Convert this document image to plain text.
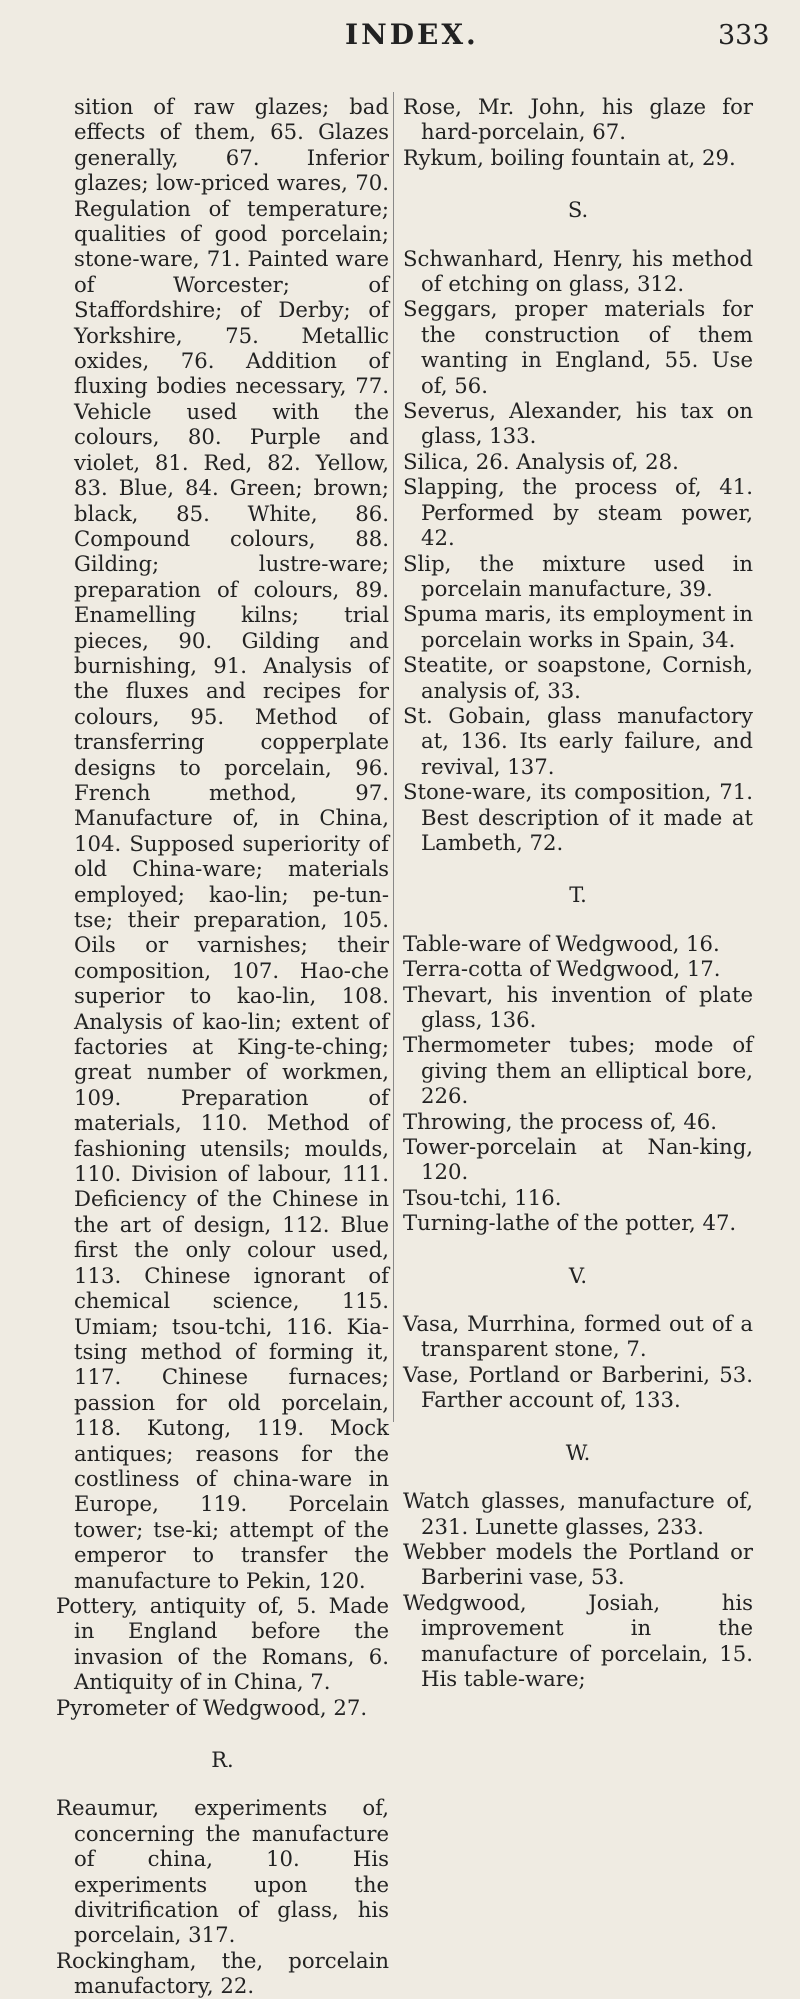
INDEX.	333

sition of raw glazes; bad effects of them, 65. Glazes generally, 67. Inferior glazes; low-priced wares, 70. Regulation of temperature; qualities of good porcelain; stone-ware, 71. Painted ware of Worcester; of Staffordshire; of Derby; of Yorkshire, 75. Metallic oxides, 76. Addition of fluxing bodies necessary, 77. Vehicle used with the colours, 80. Purple and violet, 81. Red, 82. Yellow, 83. Blue, 84. Green; brown; black, 85. White, 86. Compound colours, 88. Gilding; lustre-ware; preparation of colours, 89. Enamelling kilns; trial pieces, 90. Gilding and burnishing, 91. Analysis of the fluxes and recipes for colours, 95. Method of transferring copperplate designs to porcelain, 96. French method, 97. Manufacture of, in China, 104. Supposed superiority of old China-ware; materials employed; kao-lin; pe-tun-tse; their preparation, 105. Oils or varnishes; their composition, 107. Hao-che superior to kao-lin, 108. Analysis of kao-lin; extent of factories at King-te-ching; great number of workmen, 109. Preparation of materials, 110. Method of fashioning utensils; moulds, 110. Division of labour, 111. Deficiency of the Chinese in the art of design, 112. Blue first the only colour used, 113. Chinese ignorant of chemical science, 115. Umiam; tsou-tchi, 116. Kia-tsing method of forming it, 117. Chinese furnaces; passion for old porcelain, 118. Kutong, 119. Mock antiques; reasons for the costliness of china-ware in Europe, 119. Porcelain tower; tse-ki; attempt of the emperor to transfer the manufacture to Pekin, 120.

Pottery, antiquity of, 5. Made in England before the invasion of the Romans, 6. Antiquity of in China, 7.

Pyrometer of Wedgwood, 27.

R.

Reaumur, experiments of, concerning the manufacture of china, 10. His experiments upon the divitrification of glass, his porcelain, 317.

Rockingham, the, porcelain manufactory, 22.

Rose, Mr. John, his glaze for hard-porcelain, 67.

Rykum, boiling fountain at, 29.

S.

Schwanhard, Henry, his method of etching on glass, 312.

Seggars, proper materials for the construction of them wanting in England, 55. Use of, 56.

Severus, Alexander, his tax on glass, 133.

Silica, 26. Analysis of, 28.

Slapping, the process of, 41. Performed by steam power, 42.

Slip, the mixture used in porcelain manufacture, 39.

Spuma maris, its employment in porcelain works in Spain, 34.

Steatite, or soapstone, Cornish, analysis of, 33.

St. Gobain, glass manufactory at, 136. Its early failure, and revival, 137.

Stone-ware, its composition, 71. Best description of it made at Lambeth, 72.

T.

Table-ware of Wedgwood, 16.

Terra-cotta of Wedgwood, 17.

Thevart, his invention of plate glass, 136.

Thermometer tubes; mode of giving them an elliptical bore, 226.

Throwing, the process of, 46.

Tower-porcelain at Nan-king, 120.

Tsou-tchi, 116.

Turning-lathe of the potter, 47.

V.

Vasa, Murrhina, formed out of a transparent stone, 7.

Vase, Portland or Barberini, 53. Farther account of, 133.

W.

Watch glasses, manufacture of, 231. Lunette glasses, 233.

Webber models the Portland or Barberini vase, 53.

Wedgwood, Josiah, his improvement in the manufacture of porcelain, 15. His table-ware;
